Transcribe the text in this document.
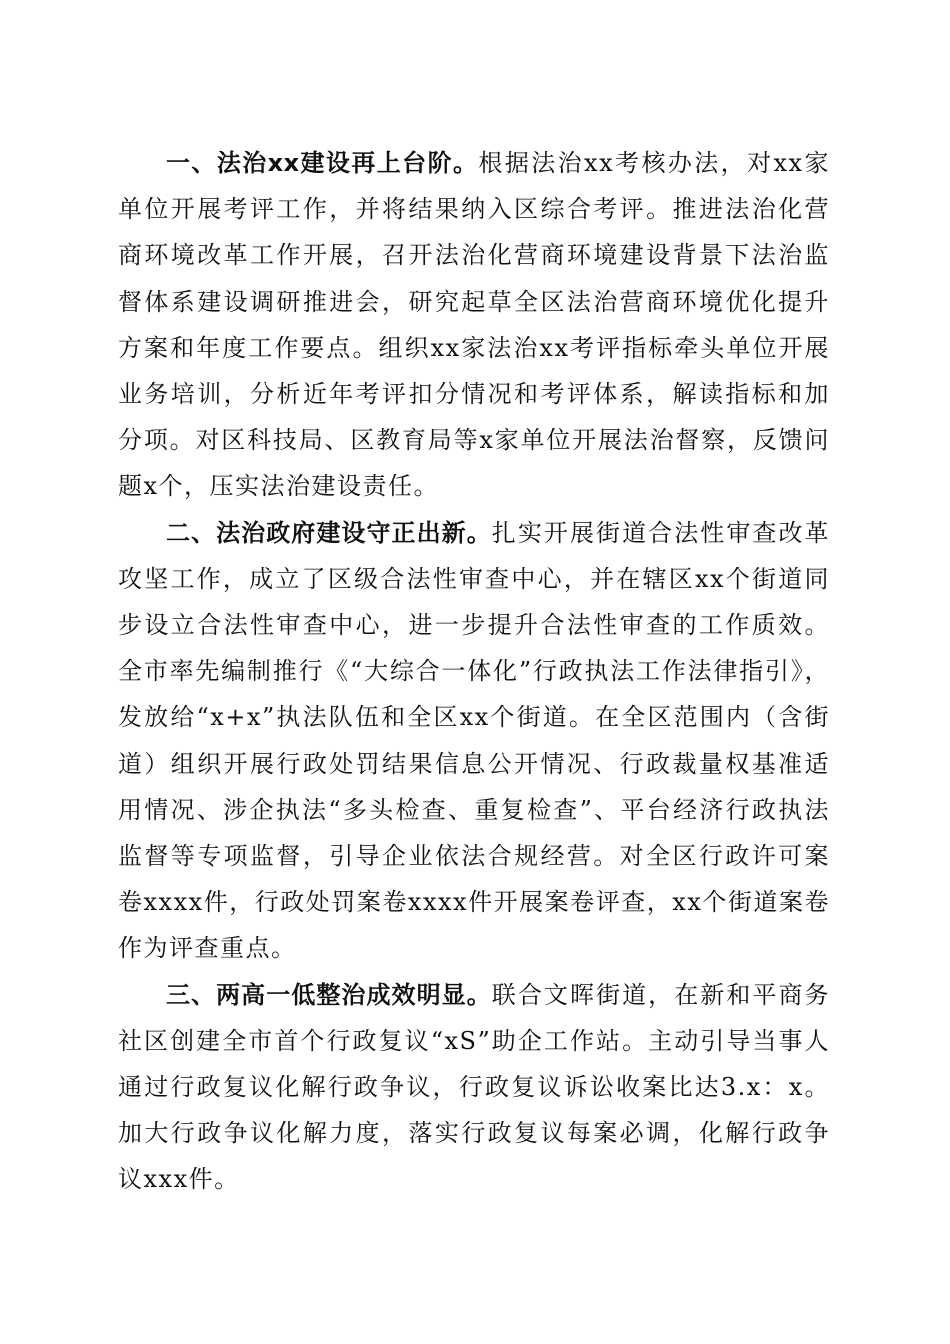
一、法治xx建设再上台阶。根据法治xx考核办法，对xx家单位开展考评工作，并将结果纳入区综合考评。推进法治化营商环境改革工作开展，召开法治化营商环境建设背景下法治监督体系建设调研推进会，研究起草全区法治营商环境优化提升方案和年度工作要点。组织xx家法治xx考评指标牵头单位开展业务培训，分析近年考评扣分情况和考评体系，解读指标和加分项。对区科技局、区教育局等x家单位开展法治督察，反馈问题x个，压实法治建设责任。

二、法治政府建设守正出新。扎实开展街道合法性审查改革攻坚工作，成立了区级合法性审查中心，并在辖区xx个街道同步设立合法性审查中心，进一步提升合法性审查的工作质效。全市率先编制推行《“大综合一体化”行政执法工作法律指引》，发放给“x+x”执法队伍和全区xx个街道。在全区范围内（含街道）组织开展行政处罚结果信息公开情况、行政裁量权基准适用情况、涉企执法“多头检查、重复检查”、平台经济行政执法监督等专项监督，引导企业依法合规经营。对全区行政许可案卷xxxx件，行政处罚案卷xxxx件开展案卷评查，xx个街道案卷作为评查重点。

三、两高一低整治成效明显。联合文晖街道，在新和平商务社区创建全市首个行政复议“xS”助企工作站。主动引导当事人通过行政复议化解行政争议，行政复议诉讼收案比达3.x：x。加大行政争议化解力度，落实行政复议每案必调，化解行政争议xxx件。
